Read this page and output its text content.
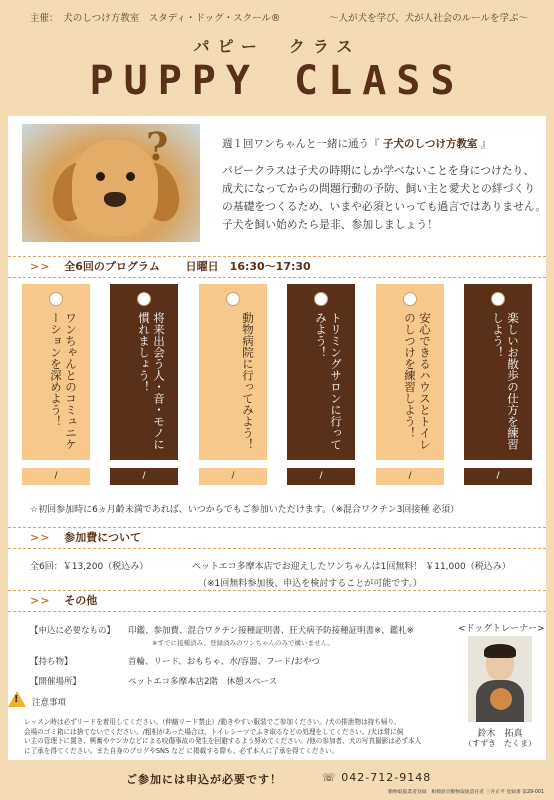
主催：　犬のしつけ方教室　スタディ・ドッグ・スクール®	～人が犬を学び、犬が人社会のルールを学ぶ～
パピー　クラス
PUPPY CLASS
?	週１回ワンちゃんと一緒に通う『 子犬のしつけ方教室 』
パピークラスは子犬の時期にしか学べないことを身につけたり、
成犬になってからの問題行動の予防、飼い主と愛犬との絆づくり
の基礎をつくるため、いまや必須といっても過言ではありません。
子犬を飼い始めたら是非、参加しましょう！
>> 全6回のプログラム 日曜日　16:30～17:30
ワンちゃんとのコミュニケーションを深めよう！	将来出会う人・音・モノに慣れましょう！	動物病院に行ってみよう！	トリミングサロンに行ってみよう！	安心できるハウスとトイレのしつけを練習しよう！	楽しいお散歩の仕方を練習しよう！
/	/	/	/	/	/
☆初回参加時に6ヵ月齢未満であれば、いつからでもご参加いただけます。（※混合ワクチン3回接種 必須）
>> 参加費について
全6回：￥13,200（税込み）	ペットエコ多摩本店でお迎えしたワンちゃんは1回無料！ ￥11,000（税込み）
（※1回無料参加後、申込を検討することが可能です。）
>> その他
【申込に必要なもの】 印鑑、参加費、混合ワクチン接種証明書、狂犬病予防接種証明書※、鑑札※
※すでに接種済み、登録済みのワンちゃんのみで構いません。
【持ち物】	首輪、リード、おもちゃ、水/容器、フード/おやつ
【開催場所】	ペットエコ多摩本店2階　休憩スペース
! 注意事項
レッスン時は必ずリードを着用してください。（伸縮リード禁止）/動きやすい服装でご参加ください。/犬の排泄物は持ち帰り、
会場のゴミ箱には捨てないでください。/粗相があった場合は、トイレシーツでふき取るなどの処理をしてください。/犬は常に飼
い主の管理下に置き、興奮やケンカなどによる咬傷事故の発生を回避するよう努めてください。/他の参加者、犬の写真撮影は必ず本人
に了承を得てください。また自身のブログやSNS など に掲載する際も、必ず本人に了承を得てください。
<ドッグトレーナー>
鈴木　拓真
（すずき　たくま）
ご参加には申込が必要です！	☏ 042-712-9148
動物取扱業者登録　相模原市動物取扱責任者 三井正平 登録番 第29-001
